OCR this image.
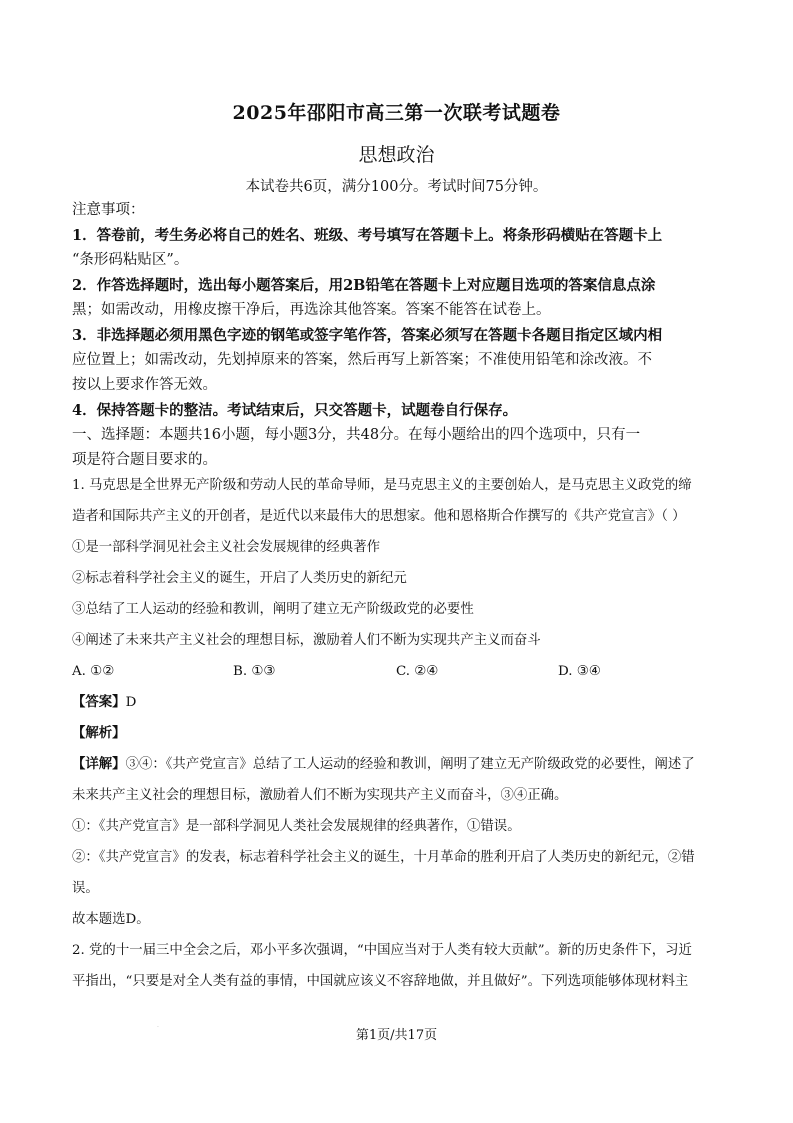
2025年邵阳市高三第一次联考试题卷
思想政治
本试卷共6页，满分100分。考试时间75分钟。
注意事项：
1．答卷前，考生务必将自己的姓名、班级、考号填写在答题卡上。将条形码横贴在答题卡上
“条形码粘贴区”。
2．作答选择题时，选出每小题答案后，用2B铅笔在答题卡上对应题目选项的答案信息点涂
黑；如需改动，用橡皮擦干净后，再选涂其他答案。答案不能答在试卷上。
3．非选择题必须用黑色字迹的钢笔或签字笔作答，答案必须写在答题卡各题目指定区域内相
应位置上；如需改动，先划掉原来的答案，然后再写上新答案；不准使用铅笔和涂改液。不
按以上要求作答无效。
4．保持答题卡的整洁。考试结束后，只交答题卡，试题卷自行保存。
一、选择题：本题共16小题，每小题3分，共48分。在每小题给出的四个选项中，只有一
项是符合题目要求的。
1. 马克思是全世界无产阶级和劳动人民的革命导师，是马克思主义的主要创始人，是马克思主义政党的缔
造者和国际共产主义的开创者，是近代以来最伟大的思想家。他和恩格斯合作撰写的《共产党宣言》（ ）
①是一部科学洞见社会主义社会发展规律的经典著作
②标志着科学社会主义的诞生，开启了人类历史的新纪元
③总结了工人运动的经验和教训，阐明了建立无产阶级政党的必要性
④阐述了未来共产主义社会的理想目标，激励着人们不断为实现共产主义而奋斗
A. ①②	B. ①③	C. ②④	D. ③④
【答案】D
【解析】
【详解】③④：《共产党宣言》总结了工人运动的经验和教训，阐明了建立无产阶级政党的必要性，阐述了
未来共产主义社会的理想目标，激励着人们不断为实现共产主义而奋斗，③④正确。
①：《共产党宣言》是一部科学洞见人类社会发展规律的经典著作，①错误。
②：《共产党宣言》的发表，标志着科学社会主义的诞生，十月革命的胜利开启了人类历史的新纪元，②错
误。
故本题选D。
2. 党的十一届三中全会之后，邓小平多次强调，“中国应当对于人类有较大贡献”。新的历史条件下，习近
平指出，“只要是对全人类有益的事情，中国就应该义不容辞地做，并且做好”。下列选项能够体现材料主
·
第1页/共17页
